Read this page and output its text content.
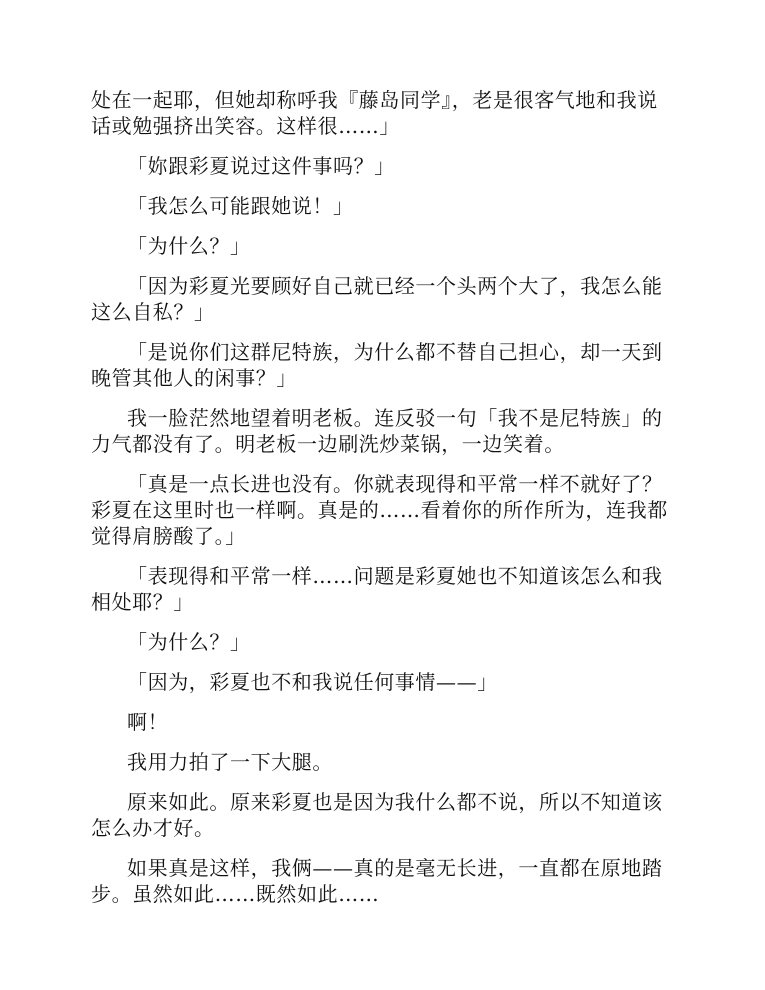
处在一起耶，但她却称呼我『藤岛同学』，老是很客气地和我说话或勉强挤出笑容。这样很……」

「妳跟彩夏说过这件事吗？」

「我怎么可能跟她说！」

「为什么？」

「因为彩夏光要顾好自己就已经一个头两个大了，我怎么能这么自私？」

「是说你们这群尼特族，为什么都不替自己担心，却一天到晚管其他人的闲事？」

我一脸茫然地望着明老板。连反驳一句「我不是尼特族」的力气都没有了。明老板一边刷洗炒菜锅，一边笑着。

「真是一点长进也没有。你就表现得和平常一样不就好了？彩夏在这里时也一样啊。真是的……看着你的所作所为，连我都觉得肩膀酸了。」

「表现得和平常一样……问题是彩夏她也不知道该怎么和我相处耶？」

「为什么？」

「因为，彩夏也不和我说任何事情——」

啊！

我用力拍了一下大腿。

原来如此。原来彩夏也是因为我什么都不说，所以不知道该怎么办才好。

如果真是这样，我俩——真的是毫无长进，一直都在原地踏步。虽然如此……既然如此……
